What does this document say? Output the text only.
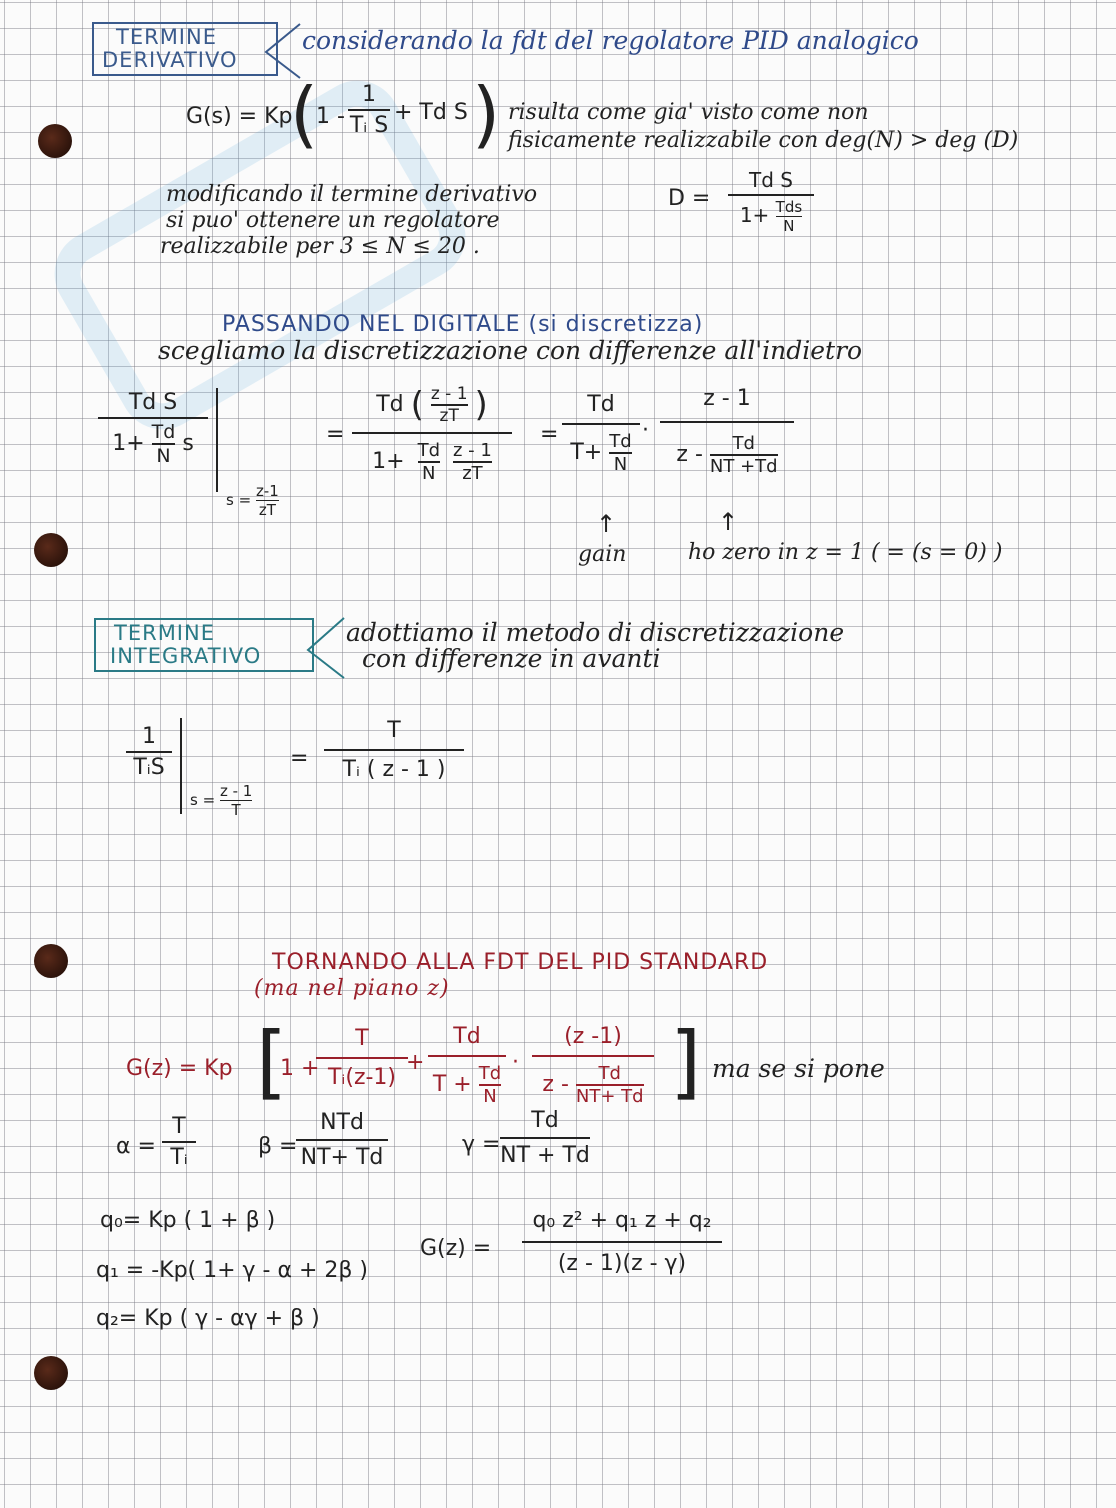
TERMINE
DERIVATIVO
considerando la fdt del regolatore PID analogico
G(s) = Kp
(
1 -
1
Tᵢ S
+ Td S ) risulta come gia' visto come non
fisicamente realizzabile con deg(N) > deg (D)
modificando il termine derivativo
si puo' ottenere un regolatore
realizzabile per 3 ≤ N ≤ 20 .
D =
Td S
1+ Tds
N
PASSANDO NEL DIGITALE (si discretizza)
scegliamo la discretizzazione con differenze all'indietro
Td S
$1+ \frac{Td}{N}$ s
$s = \frac{z-1}{zT}$
=
Td ( $\frac{z - 1}{zT}$ )
$1+ \frac{Td}{N}$
$\frac{z - 1}{zT}$
=
Td
$T+ \frac{Td}{N}$
·
z - 1
z - $\frac{Td}{NT +Td}$
↑	↑
gain	ho zero in z = 1 ( = (s = 0) )
TERMINE
INTEGRATIVO
adottiamo il metodo di discretizzazione
con differenze in avanti
1
TᵢS
$s = \frac{z - 1}{T}$
=
T
Tᵢ ( z - 1 )
TORNANDO ALLA FDT DEL PID STANDARD
(ma nel piano z)
G(z) = Kp [
1 +
T
Tᵢ(z-1)
+
Td
$T + \frac{Td}{N}$
·
(z -1)
z - $\frac{Td}{NT+ Td}$ ] ma se si pone
α =
T
Tᵢ	β =
NTd
NT+ Td
γ =
Td
NT + Td
q₀= Kp ( 1 + β )
q₁ = -Kp( 1+ γ - α + 2β )
q₂= Kp ( γ - αγ + β )
G(z) =
q₀ z² + q₁ z + q₂
(z - 1)(z - γ)
